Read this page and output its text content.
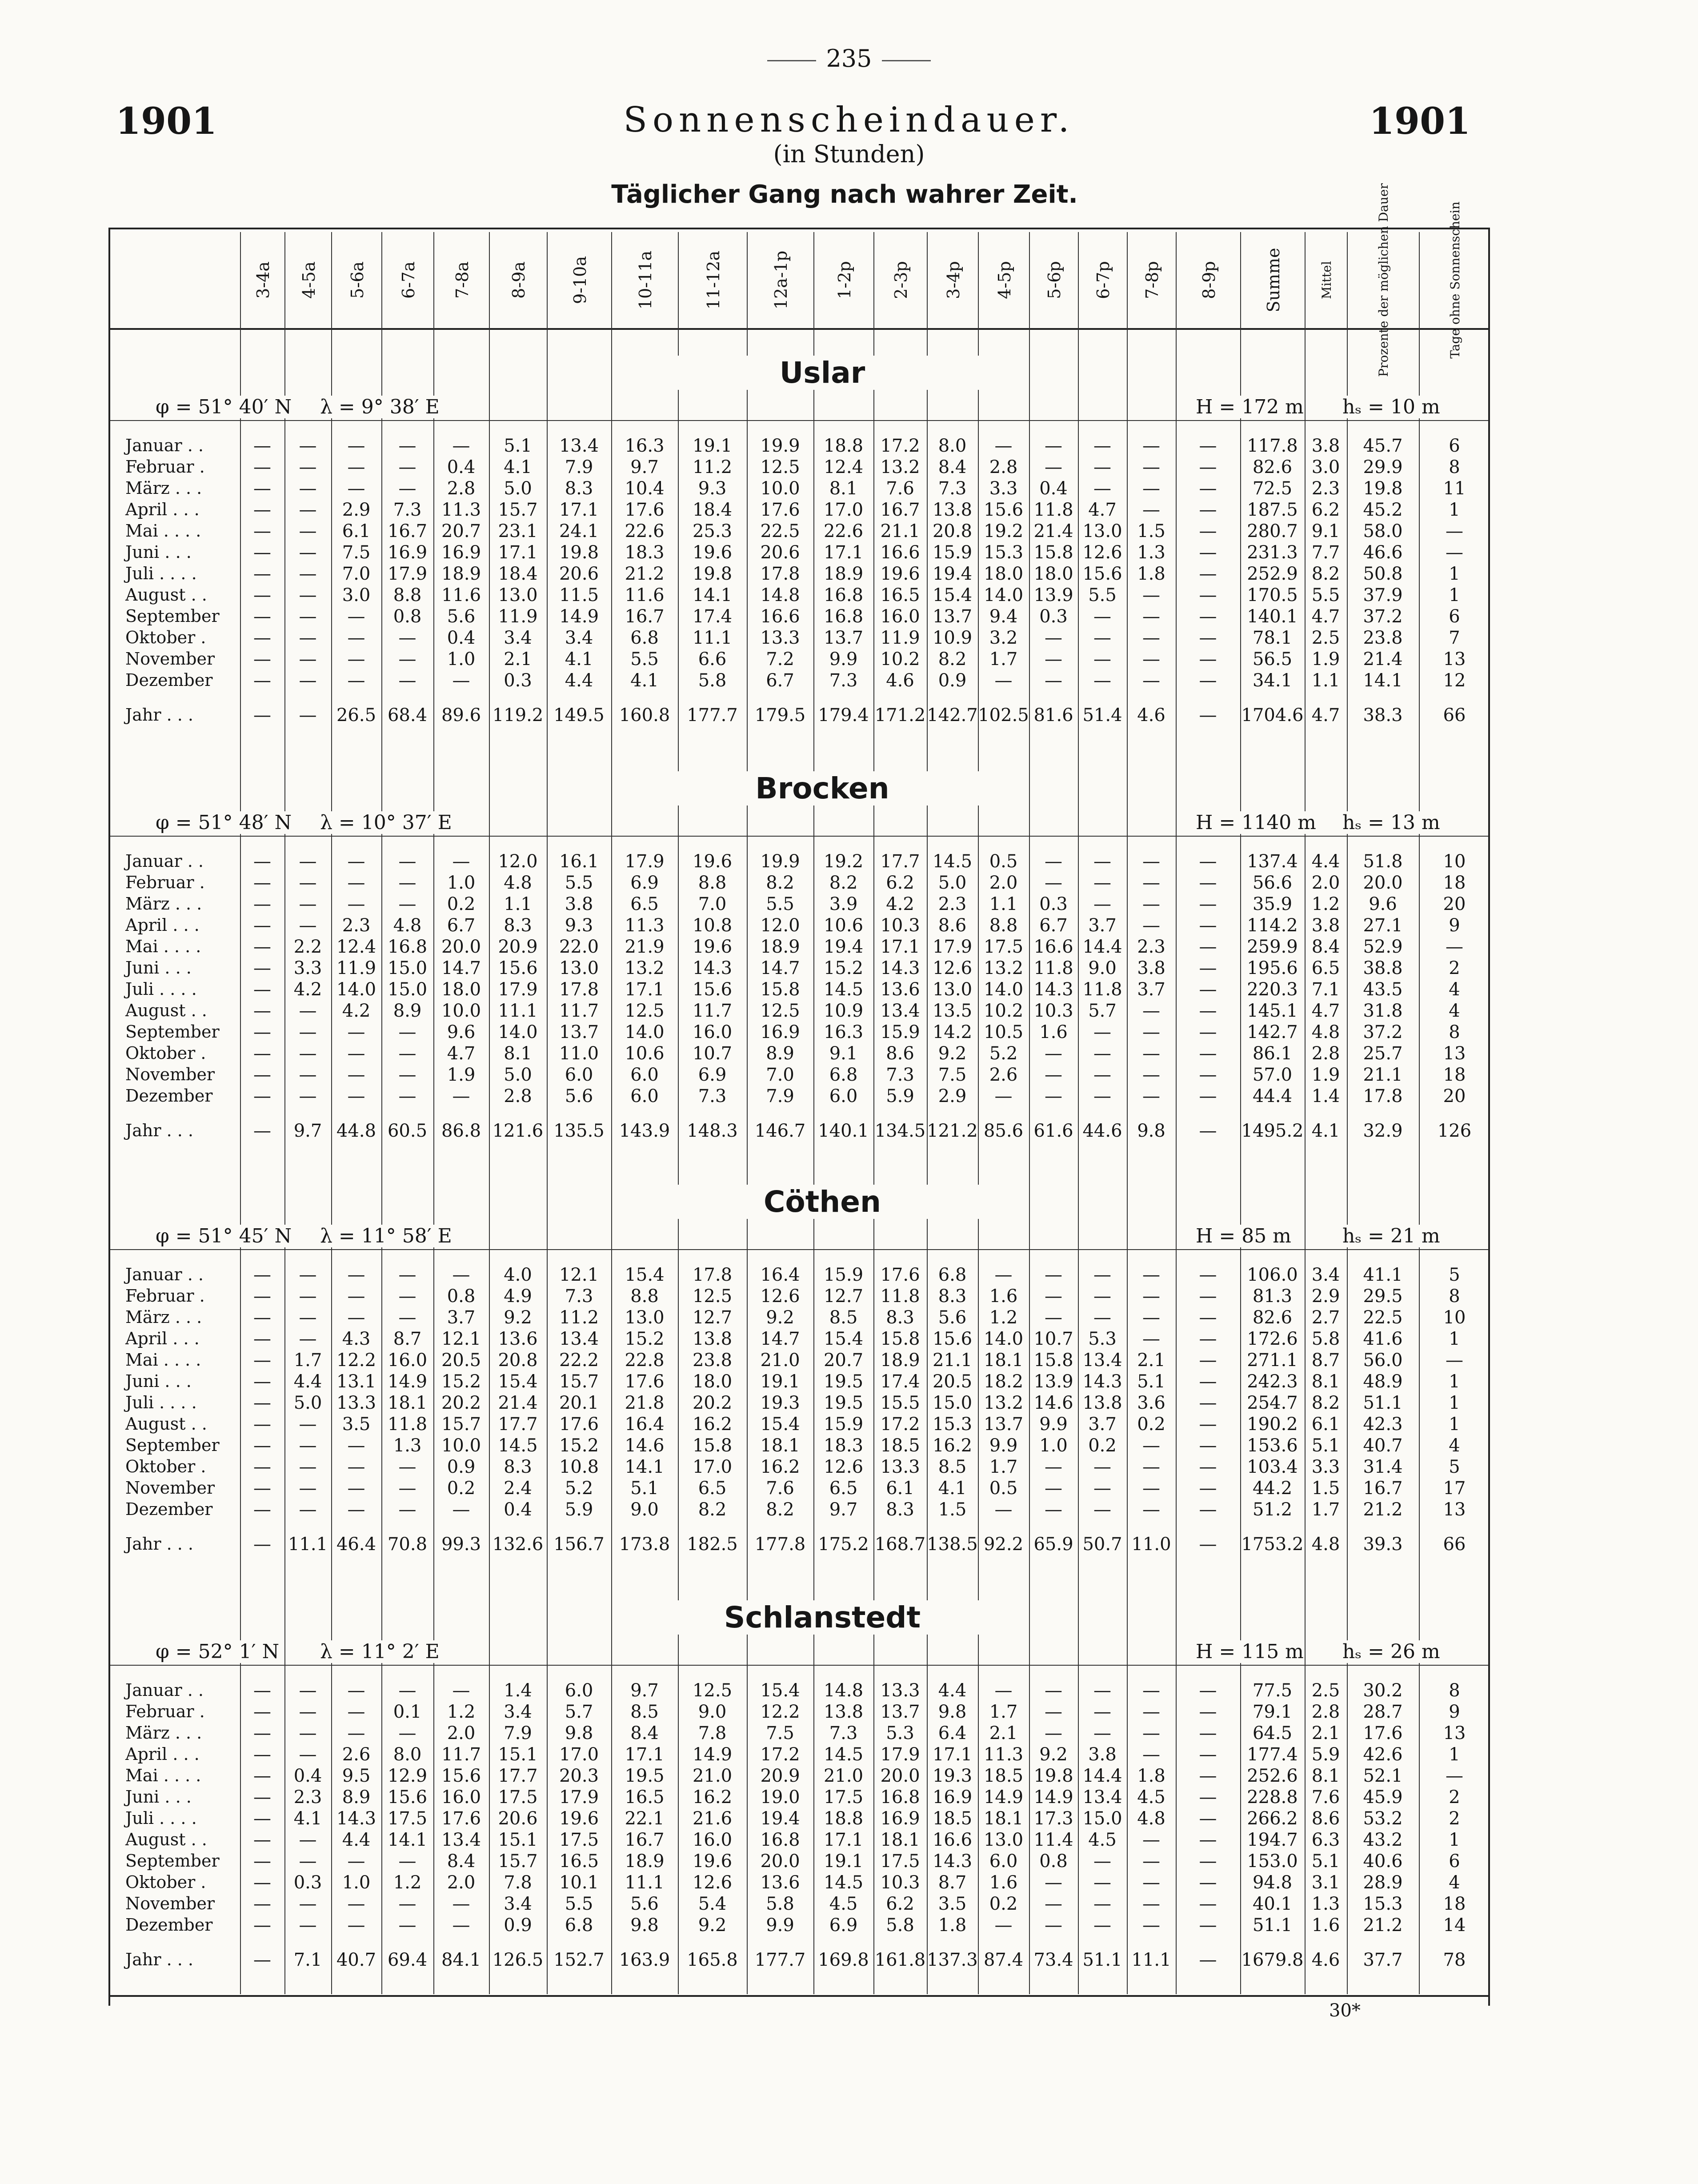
235
1901	1901
Sonnenscheindauer.
(in Stunden)
Täglicher Gang nach wahrer Zeit.
3-4a 4-5a 5-6a 6-7a 7-8a 8-9a 9-10a	10-11a	11-12a	12a-1p	1-2p 2-3p 3-4p 4-5p 5-6p 6-7p 7-8p 8-9p	Summe	Mittel	Prozente der möglichen Dauer	Tage ohne Sonnenschein
Uslar
φ = 51° 40′ N λ = 9° 38′ E	H = 172 m hₛ = 10 m
Januar . .	—	—	—	—	—	5.1	13.4	16.3	19.1	19.9	18.8 17.2	8.0	—	—	—	—	—	117.8 3.8	45.7	6
Februar .	—	—	—	—	0.4	4.1	7.9	9.7	11.2	12.5	12.4 13.2	8.4	2.8	—	—	—	—	82.6	3.0	29.9	8
März . . .	—	—	—	—	2.8	5.0	8.3	10.4	9.3	10.0	8.1	7.6	7.3	3.3	0.4	—	—	—	72.5	2.3	19.8	11
April . . .	—	—	2.9	7.3	11.3 15.7	17.1	17.6	18.4	17.6	17.0 16.7 13.8 15.6 11.8 4.7	—	—	187.5 6.2	45.2	1
Mai . . . .	—	—	6.1 16.7 20.7 23.1	24.1	22.6	25.3	22.5	22.6 21.1 20.8 19.2 21.4 13.0 1.5	—	280.7 9.1	58.0	—
Juni . . .	—	—	7.5 16.9 16.9 17.1	19.8	18.3	19.6	20.6	17.1 16.6 15.9 15.3 15.8 12.6 1.3	—	231.3 7.7	46.6	—
Juli . . . .	—	—	7.0 17.9 18.9 18.4	20.6	21.2	19.8	17.8	18.9 19.6 19.4 18.0 18.0 15.6 1.8	—	252.9 8.2	50.8	1
August . .	—	—	3.0	8.8	11.6 13.0	11.5	11.6	14.1	14.8	16.8 16.5 15.4 14.0 13.9 5.5	—	—	170.5 5.5	37.9	1
September	—	—	—	0.8	5.6	11.9	14.9	16.7	17.4	16.6	16.8 16.0 13.7 9.4	0.3	—	—	—	140.1 4.7	37.2	6
Oktober .	—	—	—	—	0.4	3.4	3.4	6.8	11.1	13.3	13.7 11.9 10.9 3.2	—	—	—	—	78.1	2.5	23.8	7
November	—	—	—	—	1.0	2.1	4.1	5.5	6.6	7.2	9.9	10.2	8.2	1.7	—	—	—	—	56.5	1.9	21.4	13
Dezember	—	—	—	—	—	0.3	4.4	4.1	5.8	6.7	7.3	4.6	0.9	—	—	—	—	—	34.1	1.1	14.1	12
Jahr . . .	—	—	26.5 68.4 89.6 119.2 149.5 160.8 177.7 179.5 179.4 171.2 142.7 102.5 81.6 51.4 4.6	—	1704.6 4.7	38.3	66
Brocken
φ = 51° 48′ N λ = 10° 37′ E	H = 1140 m hₛ = 13 m
Januar . .	—	—	—	—	—	12.0	16.1	17.9	19.6	19.9	19.2 17.7 14.5 0.5	—	—	—	—	137.4 4.4	51.8	10
Februar .	—	—	—	—	1.0	4.8	5.5	6.9	8.8	8.2	8.2	6.2	5.0	2.0	—	—	—	—	56.6	2.0	20.0	18
März . . .	—	—	—	—	0.2	1.1	3.8	6.5	7.0	5.5	3.9	4.2	2.3	1.1	0.3	—	—	—	35.9	1.2	9.6	20
April . . .	—	—	2.3	4.8	6.7	8.3	9.3	11.3	10.8	12.0	10.6 10.3	8.6	8.8	6.7	3.7	—	—	114.2 3.8	27.1	9
Mai . . . .	—	2.2 12.4 16.8 20.0 20.9	22.0	21.9	19.6	18.9	19.4 17.1 17.9 17.5 16.6 14.4 2.3	—	259.9 8.4	52.9	—
Juni . . .	—	3.3 11.9 15.0 14.7 15.6	13.0	13.2	14.3	14.7	15.2 14.3 12.6 13.2 11.8 9.0	3.8	—	195.6 6.5	38.8	2
Juli . . . .	—	4.2 14.0 15.0 18.0 17.9	17.8	17.1	15.6	15.8	14.5 13.6 13.0 14.0 14.3 11.8 3.7	—	220.3 7.1	43.5	4
August . .	—	—	4.2	8.9	10.0 11.1	11.7	12.5	11.7	12.5	10.9 13.4 13.5 10.2 10.3 5.7	—	—	145.1 4.7	31.8	4
September	—	—	—	—	9.6	14.0	13.7	14.0	16.0	16.9	16.3 15.9 14.2 10.5 1.6	—	—	—	142.7 4.8	37.2	8
Oktober .	—	—	—	—	4.7	8.1	11.0	10.6	10.7	8.9	9.1	8.6	9.2	5.2	—	—	—	—	86.1	2.8	25.7	13
November	—	—	—	—	1.9	5.0	6.0	6.0	6.9	7.0	6.8	7.3	7.5	2.6	—	—	—	—	57.0	1.9	21.1	18
Dezember	—	—	—	—	—	2.8	5.6	6.0	7.3	7.9	6.0	5.9	2.9	—	—	—	—	—	44.4	1.4	17.8	20
Jahr . . .	—	9.7 44.8 60.5 86.8 121.6 135.5 143.9 148.3 146.7 140.1 134.5 121.2 85.6 61.6 44.6 9.8	—	1495.2 4.1	32.9	126
Cöthen
φ = 51° 45′ N λ = 11° 58′ E	H = 85 m	hₛ = 21 m
Januar . .	—	—	—	—	—	4.0	12.1	15.4	17.8	16.4	15.9 17.6	6.8	—	—	—	—	—	106.0 3.4	41.1	5
Februar .	—	—	—	—	0.8	4.9	7.3	8.8	12.5	12.6	12.7 11.8	8.3	1.6	—	—	—	—	81.3	2.9	29.5	8
März . . .	—	—	—	—	3.7	9.2	11.2	13.0	12.7	9.2	8.5	8.3	5.6	1.2	—	—	—	—	82.6	2.7	22.5	10
April . . .	—	—	4.3	8.7	12.1 13.6	13.4	15.2	13.8	14.7	15.4 15.8 15.6 14.0 10.7 5.3	—	—	172.6 5.8	41.6	1
Mai . . . .	—	1.7 12.2 16.0 20.5 20.8	22.2	22.8	23.8	21.0	20.7 18.9 21.1 18.1 15.8 13.4 2.1	—	271.1 8.7	56.0	—
Juni . . .	—	4.4 13.1 14.9 15.2 15.4	15.7	17.6	18.0	19.1	19.5 17.4 20.5 18.2 13.9 14.3 5.1	—	242.3 8.1	48.9	1
Juli . . . .	—	5.0 13.3 18.1 20.2 21.4	20.1	21.8	20.2	19.3	19.5 15.5 15.0 13.2 14.6 13.8 3.6	—	254.7 8.2	51.1	1
August . .	—	—	3.5 11.8 15.7 17.7	17.6	16.4	16.2	15.4	15.9 17.2 15.3 13.7 9.9	3.7	0.2	—	190.2 6.1	42.3	1
September	—	—	—	1.3	10.0 14.5	15.2	14.6	15.8	18.1	18.3 18.5 16.2 9.9	1.0	0.2	—	—	153.6 5.1	40.7	4
Oktober .	—	—	—	—	0.9	8.3	10.8	14.1	17.0	16.2	12.6 13.3	8.5	1.7	—	—	—	—	103.4 3.3	31.4	5
November	—	—	—	—	0.2	2.4	5.2	5.1	6.5	7.6	6.5	6.1	4.1	0.5	—	—	—	—	44.2	1.5	16.7	17
Dezember	—	—	—	—	—	0.4	5.9	9.0	8.2	8.2	9.7	8.3	1.5	—	—	—	—	—	51.2	1.7	21.2	13
Jahr . . .	— 11.1 46.4 70.8 99.3 132.6 156.7 173.8 182.5 177.8 175.2 168.7 138.5 92.2 65.9 50.7 11.0	—	1753.2 4.8	39.3	66
Schlanstedt
φ = 52° 1′ N λ = 11° 2′ E	H = 115 m hₛ = 26 m
Januar . .	—	—	—	—	—	1.4	6.0	9.7	12.5	15.4	14.8 13.3	4.4	—	—	—	—	—	77.5	2.5	30.2	8
Februar .	—	—	—	0.1	1.2	3.4	5.7	8.5	9.0	12.2	13.8 13.7	9.8	1.7	—	—	—	—	79.1	2.8	28.7	9
März . . .	—	—	—	—	2.0	7.9	9.8	8.4	7.8	7.5	7.3	5.3	6.4	2.1	—	—	—	—	64.5	2.1	17.6	13
April . . .	—	—	2.6	8.0	11.7 15.1	17.0	17.1	14.9	17.2	14.5 17.9 17.1 11.3 9.2	3.8	—	—	177.4 5.9	42.6	1
Mai . . . .	—	0.4	9.5 12.9 15.6 17.7	20.3	19.5	21.0	20.9	21.0 20.0 19.3 18.5 19.8 14.4 1.8	—	252.6 8.1	52.1	—
Juni . . .	—	2.3	8.9 15.6 16.0 17.5	17.9	16.5	16.2	19.0	17.5 16.8 16.9 14.9 14.9 13.4 4.5	—	228.8 7.6	45.9	2
Juli . . . .	—	4.1 14.3 17.5 17.6 20.6	19.6	22.1	21.6	19.4	18.8 16.9 18.5 18.1 17.3 15.0 4.8	—	266.2 8.6	53.2	2
August . .	—	—	4.4 14.1 13.4 15.1	17.5	16.7	16.0	16.8	17.1 18.1 16.6 13.0 11.4 4.5	—	—	194.7 6.3	43.2	1
September	—	—	—	—	8.4	15.7	16.5	18.9	19.6	20.0	19.1 17.5 14.3 6.0	0.8	—	—	—	153.0 5.1	40.6	6
Oktober .	—	0.3	1.0	1.2	2.0	7.8	10.1	11.1	12.6	13.6	14.5 10.3	8.7	1.6	—	—	—	—	94.8	3.1	28.9	4
November	—	—	—	—	—	3.4	5.5	5.6	5.4	5.8	4.5	6.2	3.5	0.2	—	—	—	—	40.1	1.3	15.3	18
Dezember	—	—	—	—	—	0.9	6.8	9.8	9.2	9.9	6.9	5.8	1.8	—	—	—	—	—	51.1	1.6	21.2	14
Jahr . . .	—	7.1 40.7 69.4 84.1 126.5 152.7 163.9 165.8 177.7 169.8 161.8 137.3 87.4 73.4 51.1 11.1	—	1679.8 4.6	37.7	78
30*
